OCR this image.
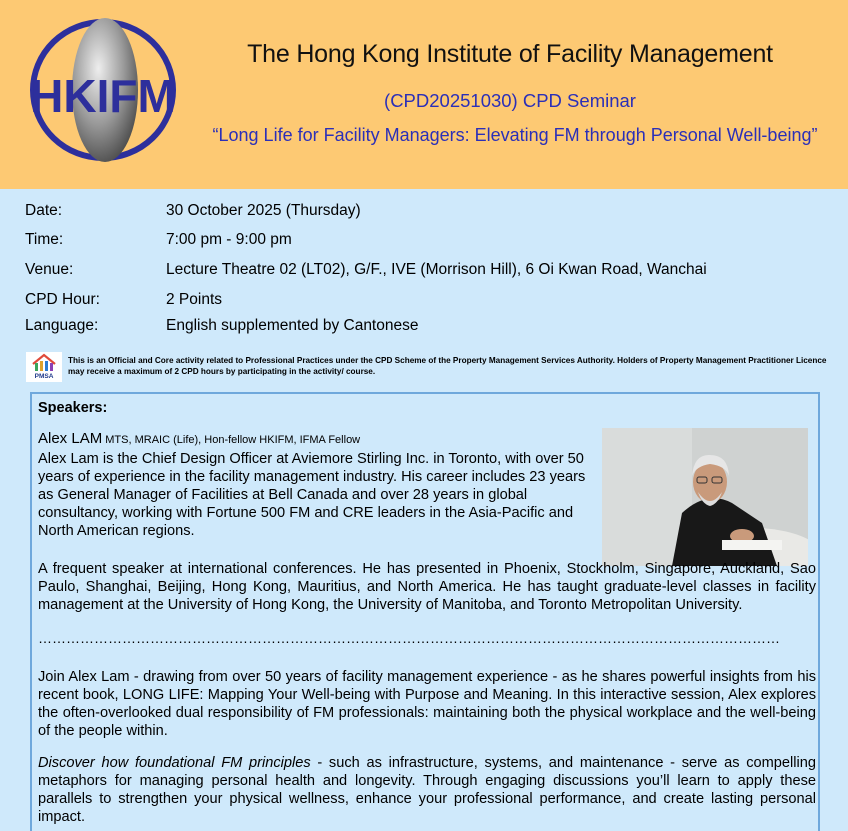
HKIFM
The Hong Kong Institute of Facility Management
(CPD20251030) CPD Seminar
“Long Life for Facility Managers: Elevating FM through Personal Well-being”
Date:	30 October 2025 (Thursday)
Time:	7:00 pm - 9:00 pm
Venue:	Lecture Theatre 02 (LT02), G/F., IVE (Morrison Hill), 6 Oi Kwan Road, Wanchai
CPD Hour:	2 Points
Language:	English supplemented by Cantonese
PMSA
This is an Official and Core activity related to Professional Practices under the CPD Scheme of the Property Management Services Authority. Holders of Property Management Practitioner Licence may receive a maximum of 2 CPD hours by participating in the activity/ course.
Speakers:
Alex LAM MTS, MRAIC (Life), Hon-fellow HKIFM, IFMA Fellow
Alex Lam is the Chief Design Officer at Aviemore Stirling Inc. in Toronto, with over 50 years of experience in the facility management industry. His career includes 23 years as General Manager of Facilities at Bell Canada and over 28 years in global consultancy, working with Fortune 500 FM and CRE leaders in the Asia-Pacific and North American regions.
A frequent speaker at international conferences. He has presented in Phoenix, Stockholm, Singapore, Auckland, Sao Paulo, Shanghai, Beijing, Hong Kong, Mauritius, and North America. He has taught graduate-level classes in facility management at the University of Hong Kong, the University of Manitoba, and Toronto Metropolitan University.
……………………………………………………………………………………………………………………………………………
Join Alex Lam - drawing from over 50 years of facility management experience - as he shares powerful insights from his recent book, LONG LIFE: Mapping Your Well-being with Purpose and Meaning. In this interactive session, Alex explores the often-overlooked dual responsibility of FM professionals: maintaining both the physical workplace and the well-being of the people within.
Discover how foundational FM principles - such as infrastructure, systems, and maintenance - serve as compelling metaphors for managing personal health and longevity. Through engaging discussions you’ll learn to apply these parallels to strengthen your physical wellness, enhance your professional performance, and create lasting personal impact.
